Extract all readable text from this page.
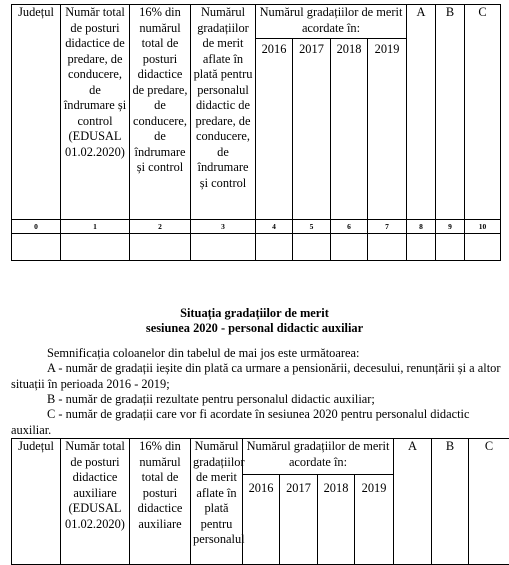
Județul	Număr total de posturi didactice de predare, de conducere, de îndrumare și control (EDUSAL 01.02.2020)	16% din numărul total de posturi didactice de predare, de conducere, de îndrumare și control	Numărul gradațiilor de merit aflate în plată pentru personalul didactic de predare, de conducere, de îndrumare și control	Numărul gradațiilor de merit acordate în:				A	B	C
				2016	2017	2018	2019			
0	1	2	3	4	5	6	7	8	9	10

Situația gradațiilor de merit
sesiunea 2020 - personal didactic auxiliar
Semnificația coloanelor din tabelul de mai jos este următoarea:
A - număr de gradații ieșite din plată ca urmare a pensionării, decesului, renunțării și a altor situații în perioada 2016 - 2019;
B - număr de gradații rezultate pentru personalul didactic auxiliar;
C - număr de gradații care vor fi acordate în sesiunea 2020 pentru personalul didactic auxiliar.
Județul	Număr total de posturi didactice auxiliare (EDUSAL 01.02.2020)	16% din numărul total de posturi didactice auxiliare	Numărul gradațiilor de merit aflate în plată pentru personalul	Numărul gradațiilor de merit acordate în:				A	B	C
				2016	2017	2018	2019			
